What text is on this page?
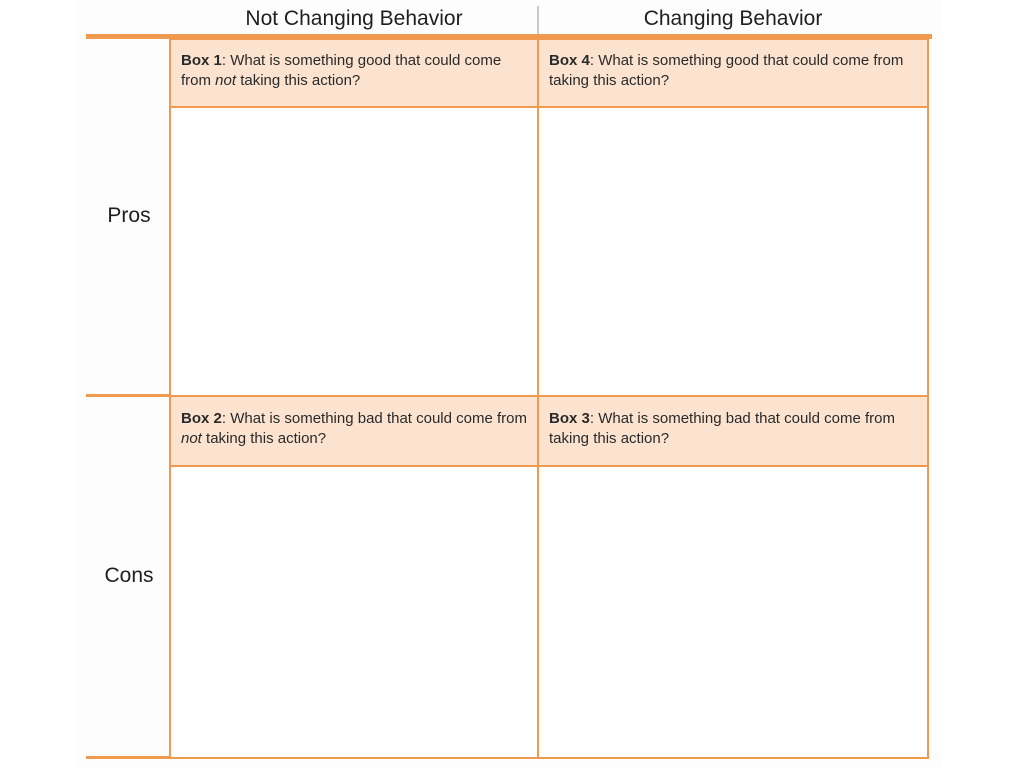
Not Changing Behavior	Changing Behavior
Pros
Cons
Box 1: What is something good that could come from not taking this action?
Box 4: What is something good that could come from taking this action?
Box 2: What is something bad that could come from not taking this action?
Box 3: What is something bad that could come from taking this action?
